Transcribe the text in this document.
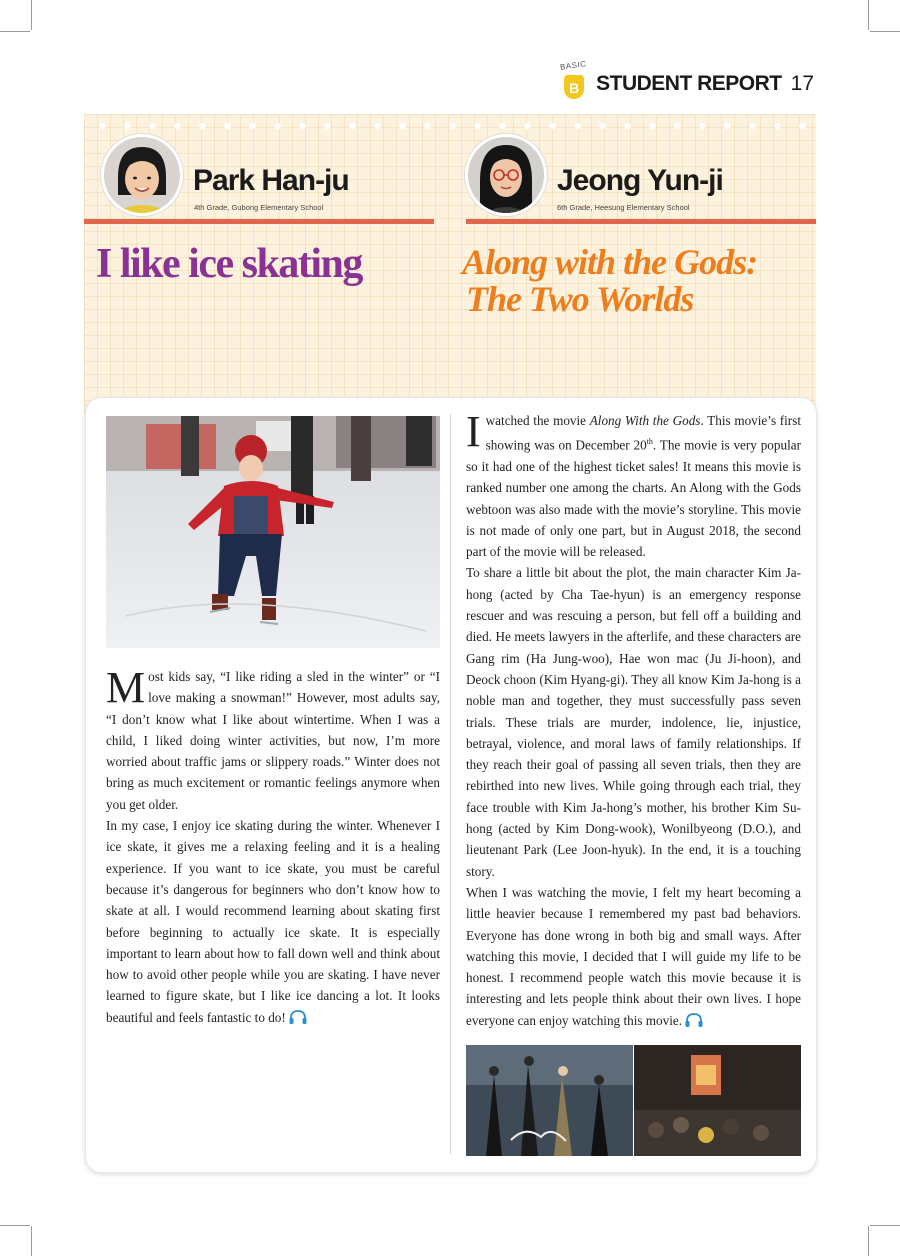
BASIC
B STUDENT REPORT 17
Park Han-ju
4th Grade, Gubong Elementary School
I like ice skating
Jeong Yun-ji
6th Grade, Heesung Elementary School
Along with the Gods:
The Two Worlds

Most kids say, “I like riding a sled in the winter” or “I love making a snowman!” However, most adults say, “I don’t know what I like about wintertime. When I was a child, I liked doing winter activities, but now, I’m more worried about traffic jams or slippery roads.” Winter does not bring as much excitement or romantic feelings anymore when you get older.

In my case, I enjoy ice skating during the winter. Whenever I ice skate, it gives me a relaxing feeling and it is a healing experience. If you want to ice skate, you must be careful because it’s dangerous for beginners who don’t know how to skate at all. I would recommend learning about skating first before beginning to actually ice skate. It is especially important to learn about how to fall down well and think about how to avoid other people while you are skating. I have never learned to figure skate, but I like ice dancing a lot. It looks beautiful and feels fantastic to do!

I watched the movie Along With the Gods. This movie’s first showing was on December 20th. The movie is very popular so it had one of the highest ticket sales! It means this movie is ranked number one among the charts. An Along with the Gods webtoon was also made with the movie’s storyline. This movie is not made of only one part, but in August 2018, the second part of the movie will be released.

To share a little bit about the plot, the main character Kim Ja-hong (acted by Cha Tae-hyun) is an emergency response rescuer and was rescuing a person, but fell off a building and died. He meets lawyers in the afterlife, and these characters are Gang rim (Ha Jung-woo), Hae won mac (Ju Ji-hoon), and Deock choon (Kim Hyang-gi). They all know Kim Ja-hong is a noble man and together, they must successfully pass seven trials. These trials are murder, indolence, lie, injustice, betrayal, violence, and moral laws of family relationships. If they reach their goal of passing all seven trials, then they are rebirthed into new lives. While going through each trial, they face trouble with Kim Ja-hong’s mother, his brother Kim Su-hong (acted by Kim Dong-wook), Wonilbyeong (D.O.), and lieutenant Park (Lee Joon-hyuk). In the end, it is a touching story.

When I was watching the movie, I felt my heart becoming a little heavier because I remembered my past bad behaviors. Everyone has done wrong in both big and small ways. After watching this movie, I decided that I will guide my life to be honest. I recommend people watch this movie because it is interesting and lets people think about their own lives. I hope everyone can enjoy watching this movie.
